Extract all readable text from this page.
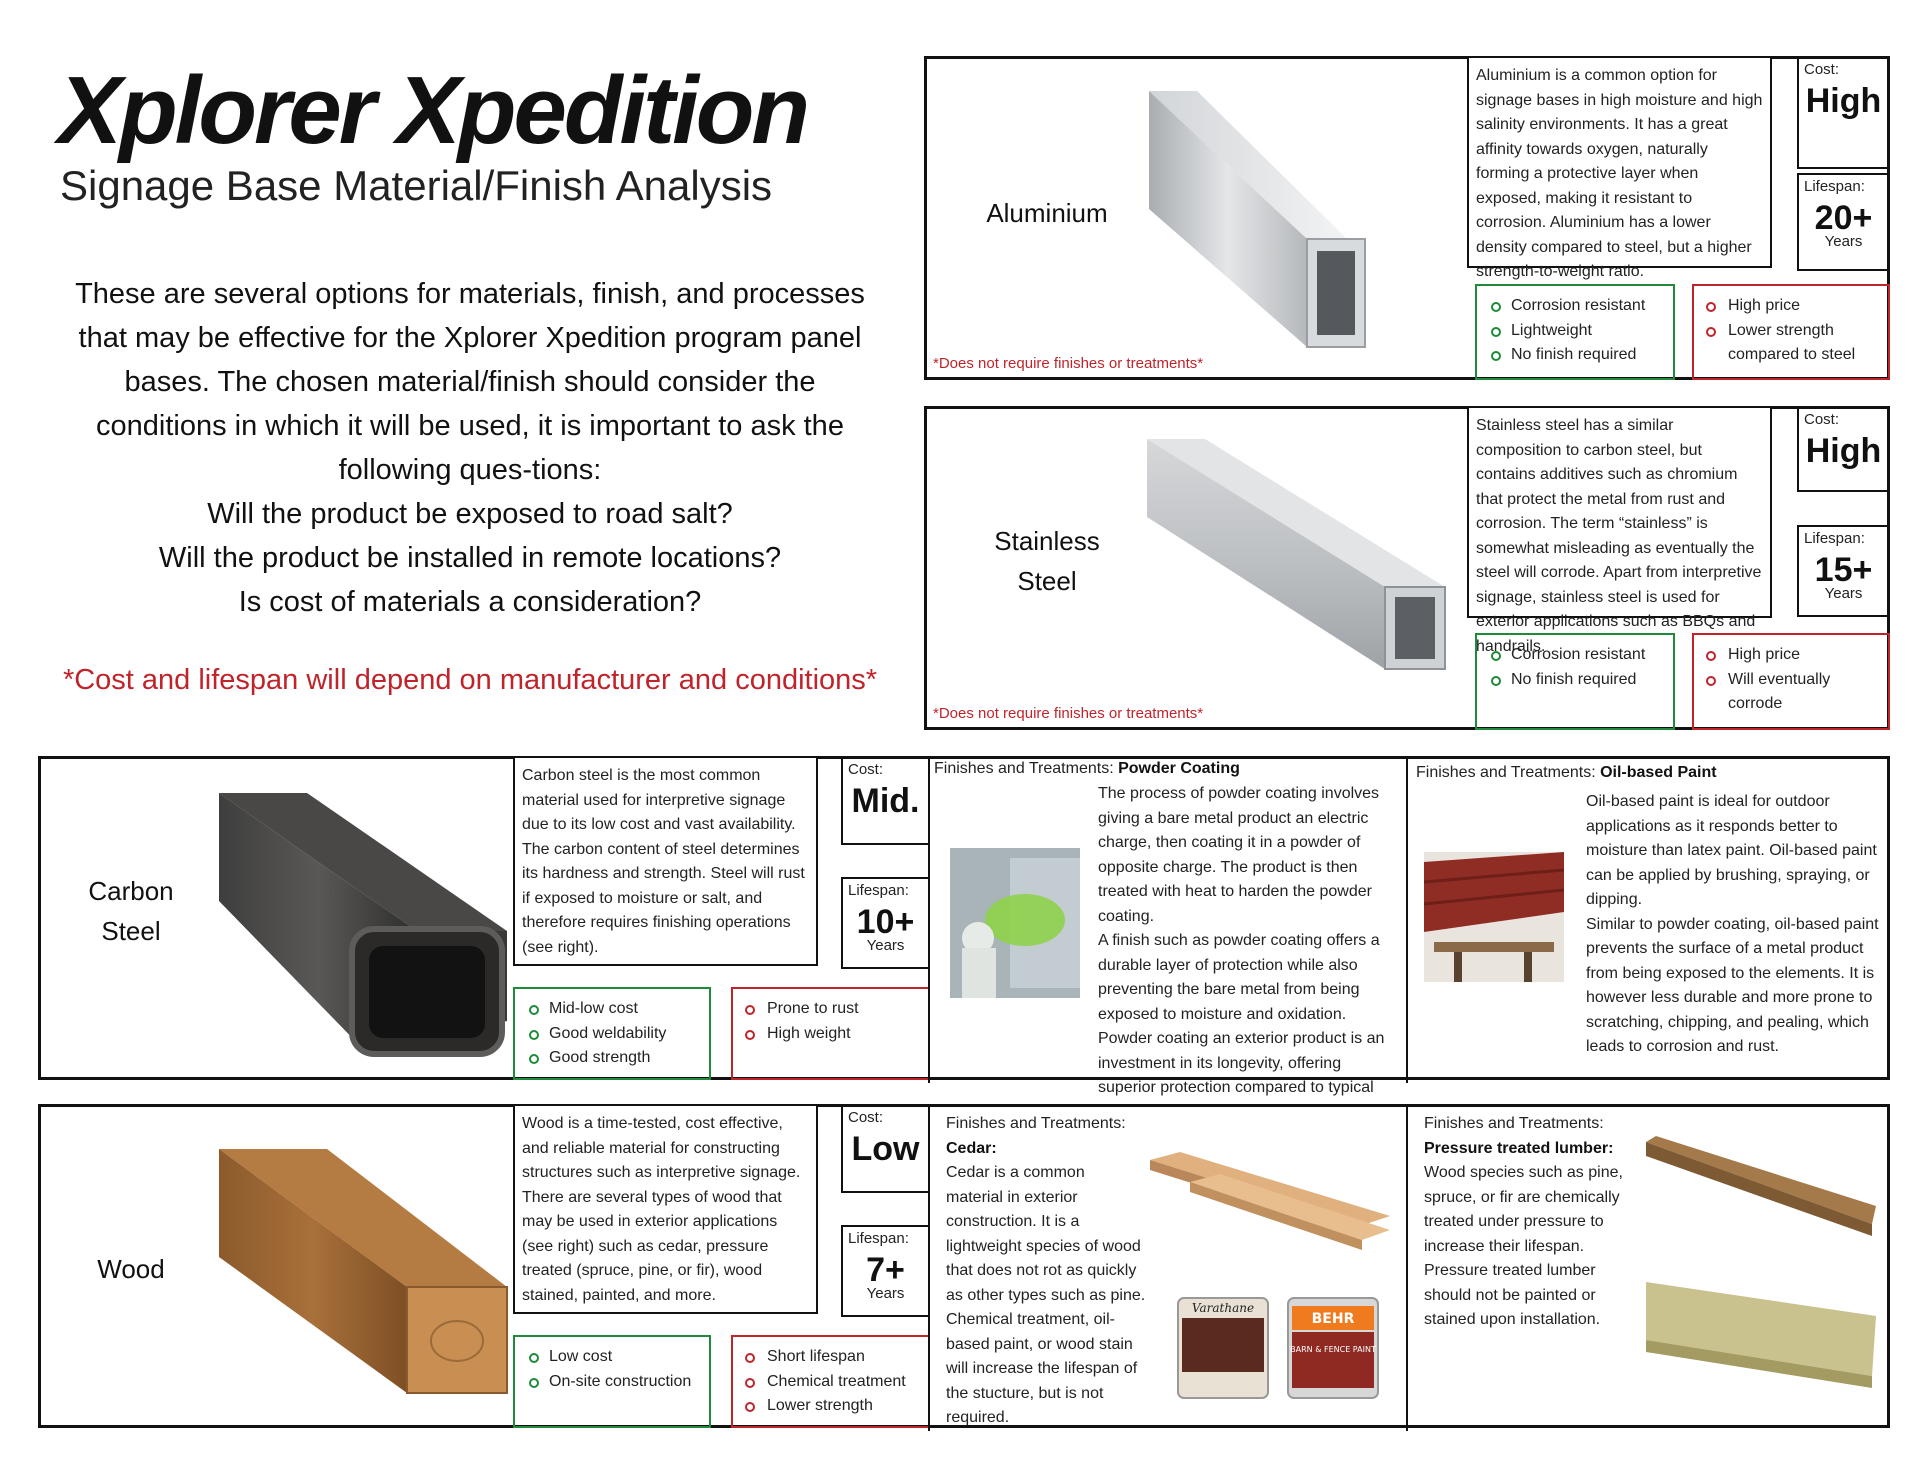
Xplorer Xpedition
Signage Base Material/Finish Analysis

These are several options for materials, finish, and processes that may be effective for the Xplorer Xpedition program panel bases. The chosen material/finish should consider the conditions in which it will be used, it is important to ask the following ques-tions:

Will the product be exposed to road salt?

Will the product be installed in remote locations?

Is cost of materials a consideration?

*Cost and lifespan will depend on manufacturer and conditions*
Aluminium
Aluminium is a common option for signage bases in high moisture and high salinity environments. It has a great affinity towards oxygen, naturally forming a protective layer when exposed, making it resistant to corrosion. Aluminium has a lower density compared to steel, but a higher strength-to-weight ratio.
Cost:
High
Lifespan:
20+
Years
Corrosion resistant
Lightweight
No finish required
High price
Lower strength compared to steel
*Does not require finishes or treatments*
Stainless
Steel
Stainless steel has a similar composition to carbon steel, but contains additives such as chromium that protect the metal from rust and corrosion. The term “stainless” is somewhat misleading as eventually the steel will corrode. Apart from interpretive signage, stainless steel is used for exterior applications such as BBQs and handrails.
Cost:
High
Lifespan:
15+
Years
Corrosion resistant
No finish required
High price
Will eventually corrode
*Does not require finishes or treatments*
Carbon
Steel
Carbon steel is the most common material used for interpretive signage due to its low cost and vast availability. The carbon content of steel determines its hardness and strength. Steel will rust if exposed to moisture or salt, and therefore requires finishing operations (see right).
Cost:
Mid.
Lifespan:
10+
Years
Mid-low cost
Good weldability
Good strength
Prone to rust
High weight
Finishes and Treatments: Powder Coating
The process of powder coating involves giving a bare metal product an electric charge, then coating it in a powder of opposite charge. The product is then treated with heat to harden the powder coating.
A finish such as powder coating offers a durable layer of protection while also preventing the bare metal from being exposed to moisture and oxidation. Powder coating an exterior product is an investment in its longevity, offering superior protection compared to typical
Finishes and Treatments: Oil-based Paint
Oil-based paint is ideal for outdoor applications as it responds better to moisture than latex paint. Oil-based paint can be applied by brushing, spraying, or dipping.
Similar to powder coating, oil-based paint prevents the surface of a metal product from being exposed to the elements. It is however less durable and more prone to scratching, chipping, and pealing, which leads to corrosion and rust.
Wood
Wood is a time-tested, cost effective, and reliable material for constructing structures such as interpretive signage. There are several types of wood that may be used in exterior applications (see right) such as cedar, pressure treated (spruce, pine, or fir), wood stained, painted, and more.
Cost:
Low
Lifespan:
7+
Years
Low cost
On-site construction
Short lifespan
Chemical treatment
Lower strength
Finishes and Treatments:
Cedar:
Cedar is a common material in exterior construction. It is a lightweight species of wood that does not rot as quickly as other types such as pine. Chemical treatment, oil-based paint, or wood stain will increase the lifespan of the stucture, but is not required.
Varathane
BEHR
BARN & FENCE PAINT
Finishes and Treatments:
Pressure treated lumber:
Wood species such as pine, spruce, or fir are chemically treated under pressure to increase their lifespan. Pressure treated lumber should not be painted or stained upon installation.
